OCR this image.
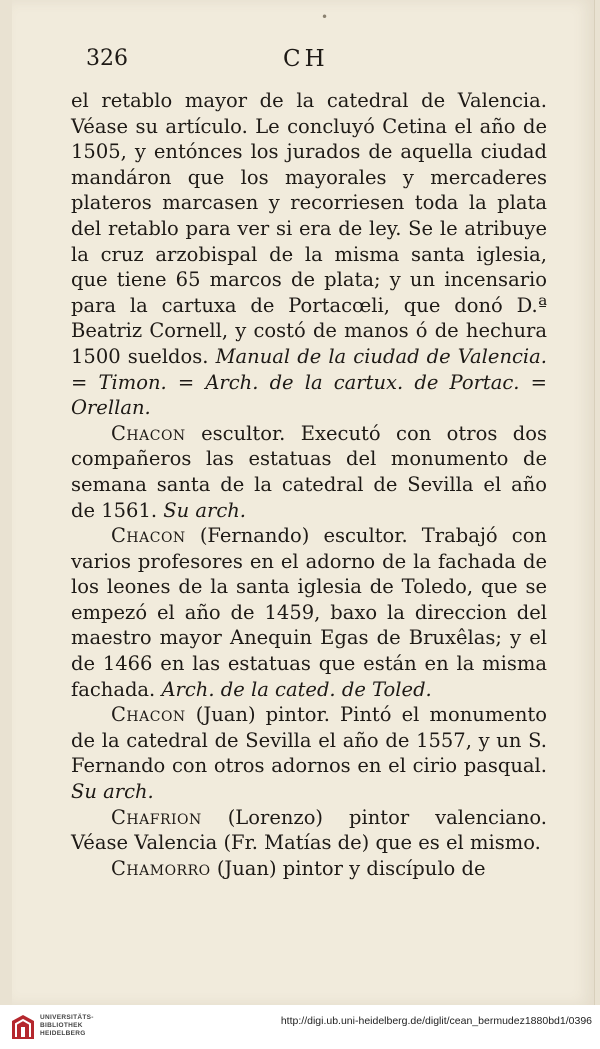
•
326	CH

el retablo mayor de la catedral de Valencia. Véase su artículo. Le concluyó Cetina el año de 1505, y entónces los jurados de aquella ciudad mandáron que los mayorales y mercaderes plateros marcasen y recorriesen toda la plata del retablo para ver si era de ley. Se le atribuye la cruz arzobispal de la misma santa iglesia, que tiene 65 marcos de plata; y un incensario para la cartuxa de Portacœli, que donó D.ª Beatriz Cornell, y costó de manos ó de hechura 1500 sueldos. Manual de la ciudad de Valencia. = Timon. = Arch. de la cartux. de Portac. = Orellan.

Chacon escultor. Executó con otros dos compañeros las estatuas del monumento de semana santa de la catedral de Sevilla el año de 1561. Su arch.

Chacon (Fernando) escultor. Trabajó con varios profesores en el adorno de la fachada de los leones de la santa iglesia de Toledo, que se empezó el año de 1459, baxo la direccion del maestro mayor Anequin Egas de Bruxêlas; y el de 1466 en las estatuas que están en la misma fachada. Arch. de la cated. de Toled.

Chacon (Juan) pintor. Pintó el monumento de la catedral de Sevilla el año de 1557, y un S. Fernando con otros adornos en el cirio pasqual. Su arch.

Chafrion (Lorenzo) pintor valenciano. Véase Valencia (Fr. Matías de) que es el mismo.

Chamorro (Juan) pintor y discípulo de

UNIVERSITÄTS-
BIBLIOTHEK
HEIDELBERG
http://digi.ub.uni-heidelberg.de/diglit/cean_bermudez1880bd1/0396
